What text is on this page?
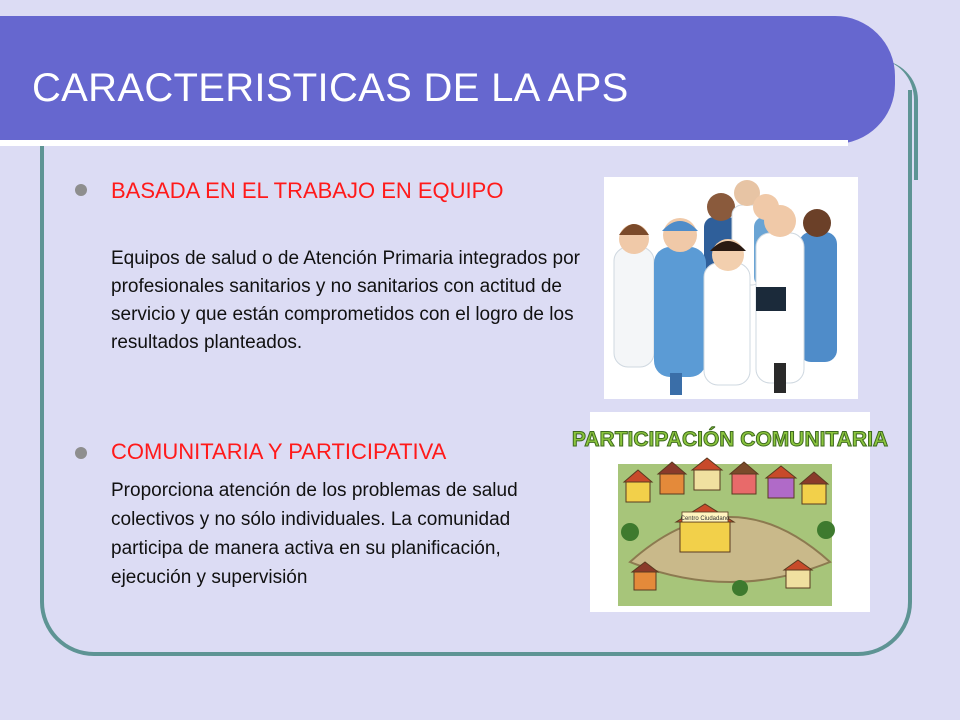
CARACTERISTICAS DE LA APS
BASADA EN EL TRABAJO EN EQUIPO
Equipos de salud o de Atención Primaria integrados por profesionales sanitarios y no sanitarios con actitud de servicio y que están comprometidos con el logro de los resultados planteados.
COMUNITARIA Y PARTICIPATIVA
Proporciona atención de los problemas de salud colectivos y no sólo individuales. La comunidad participa de manera activa en su planificación, ejecución y supervisión
PARTICIPACIÓN COMUNITARIA
Centro Ciudadano
